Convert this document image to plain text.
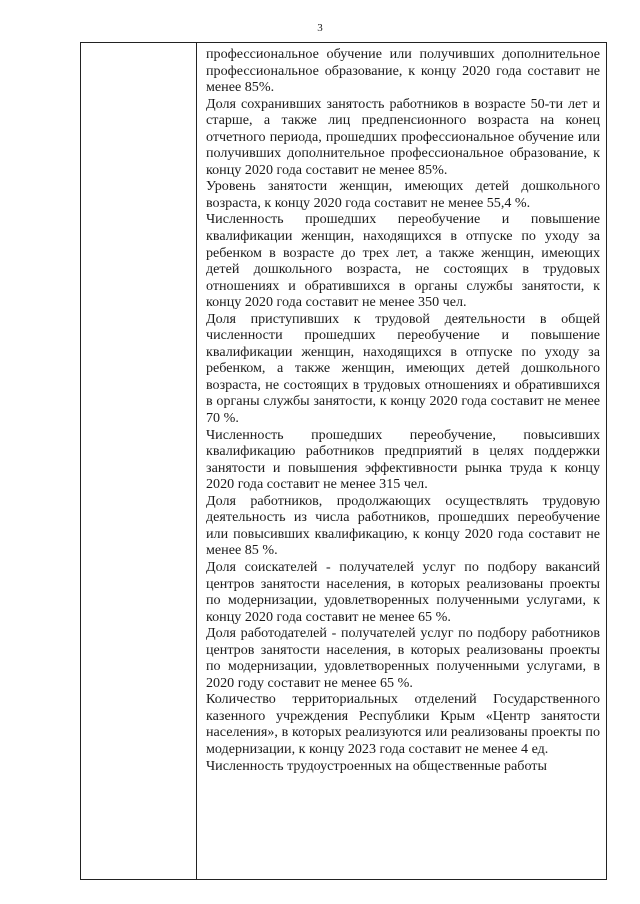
3

профессиональное обучение или получивших дополнительное профессиональное образование, к концу 2020 года составит не менее 85%.

Доля сохранивших занятость работников в возрасте 50-ти лет и старше, а также лиц предпенсионного возраста на конец отчетного периода, прошедших профессиональное обучение или получивших дополнительное профессиональное образование, к концу 2020 года составит не менее 85%.

Уровень занятости женщин, имеющих детей дошкольного возраста, к концу 2020 года составит не менее 55,4 %.

Численность прошедших переобучение и повышение квалификации женщин, находящихся в отпуске по уходу за ребенком в возрасте до трех лет, а также женщин, имеющих детей дошкольного возраста, не состоящих в трудовых отношениях и обратившихся в органы службы занятости, к концу 2020 года составит не менее 350 чел.

Доля приступивших к трудовой деятельности в общей численности прошедших переобучение и повышение квалификации женщин, находящихся в отпуске по уходу за ребенком, а также женщин, имеющих детей дошкольного возраста, не состоящих в трудовых отношениях и обратившихся в органы службы занятости, к концу 2020 года составит не менее 70 %.

Численность прошедших переобучение, повысивших квалификацию работников предприятий в целях поддержки занятости и повышения эффективности рынка труда к концу 2020 года составит не менее 315 чел.

Доля работников, продолжающих осуществлять трудовую деятельность из числа работников, прошедших переобучение или повысивших квалификацию, к концу 2020 года составит не менее 85 %.

Доля соискателей - получателей услуг по подбору вакансий центров занятости населения, в которых реализованы проекты по модернизации, удовлетворенных полученными услугами, к концу 2020 года составит не менее 65 %.

Доля работодателей - получателей услуг по подбору работников центров занятости населения, в которых реализованы проекты по модернизации, удовлетворенных полученными услугами, в 2020 году составит не менее 65 %.

Количество территориальных отделений Государственного казенного учреждения Республики Крым «Центр занятости населения», в которых реализуются или реализованы проекты по модернизации, к концу 2023 года составит не менее 4 ед.

Численность трудоустроенных на общественные работы
